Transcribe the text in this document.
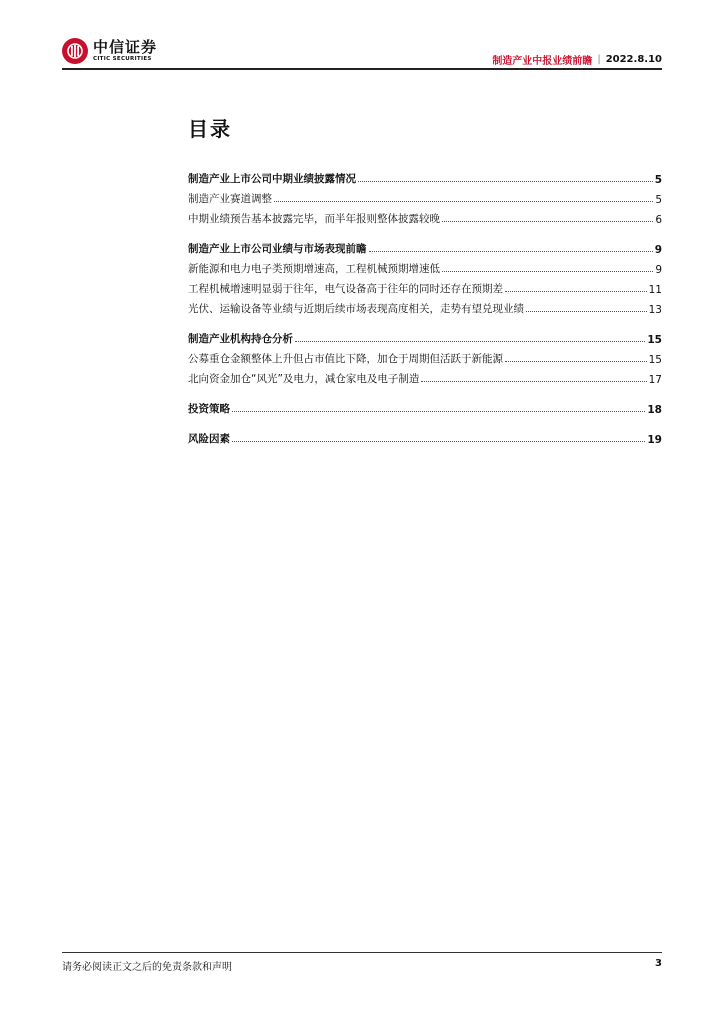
中信证券
CITIC SECURITIES	制造产业中报业绩前瞻 | 2022.8.10
目录
制造产业上市公司中期业绩披露情况	5
制造产业赛道调整	5
中期业绩预告基本披露完毕，而半年报则整体披露较晚	6
制造产业上市公司业绩与市场表现前瞻	9
新能源和电力电子类预期增速高，工程机械预期增速低	9
工程机械增速明显弱于往年，电气设备高于往年的同时还存在预期差	11
光伏、运输设备等业绩与近期后续市场表现高度相关，走势有望兑现业绩	13
制造产业机构持仓分析	15
公募重仓金额整体上升但占市值比下降，加仓于周期但活跃于新能源	15
北向资金加仓“风光”及电力，减仓家电及电子制造	17
投资策略	18
风险因素	19
请务必阅读正文之后的免责条款和声明	3
